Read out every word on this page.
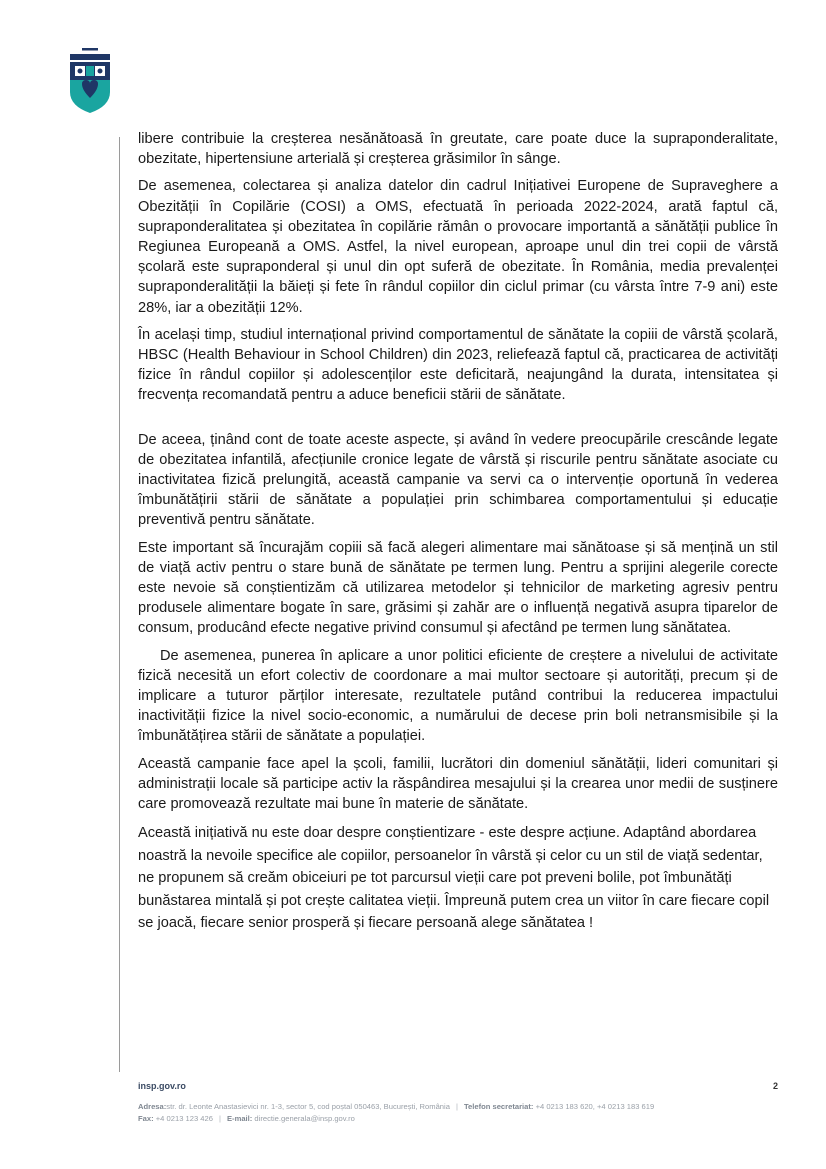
libere contribuie la creșterea nesănătoasă în greutate, care poate duce la supraponderalitate, obezitate, hipertensiune arterială și creșterea grăsimilor în sânge.

De asemenea, colectarea și analiza datelor din cadrul Inițiativei Europene de Supraveghere a Obezității în Copilărie (COSI) a OMS, efectuată în perioada 2022-2024, arată faptul că, supraponderalitatea și obezitatea în copilărie rămân o provocare importantă a sănătății publice în Regiunea Europeană a OMS. Astfel, la nivel european, aproape unul din trei copii de vârstă școlară este supraponderal și unul din opt suferă de obezitate. În România, media prevalenței supraponderalității la băieți și fete în rândul copiilor din ciclul primar (cu vârsta între 7-9 ani) este 28%, iar a obezității 12%.

În același timp, studiul internațional privind comportamentul de sănătate la copiii de vârstă școlară, HBSC (Health Behaviour in School Children) din 2023, reliefează faptul că, practicarea de activități fizice în rândul copiilor și adolescenților este deficitară, neajungând la durata, intensitatea și frecvența recomandată pentru a aduce beneficii stării de sănătate.

De aceea, ținând cont de toate aceste aspecte, și având în vedere preocupările crescânde legate de obezitatea infantilă, afecțiunile cronice legate de vârstă și riscurile pentru sănătate asociate cu inactivitatea fizică prelungită, această campanie va servi ca o intervenție oportună în vederea îmbunătățirii stării de sănătate a populației prin schimbarea comportamentului și educație preventivă pentru sănătate.

Este important să încurajăm copiii să facă alegeri alimentare mai sănătoase și să mențină un stil de viață activ pentru o stare bună de sănătate pe termen lung. Pentru a sprijini alegerile corecte este nevoie să conștientizăm că utilizarea metodelor și tehnicilor de marketing agresiv pentru produsele alimentare bogate în sare, grăsimi și zahăr are o influență negativă asupra tiparelor de consum, producând efecte negative privind consumul și afectând pe termen lung sănătatea.

De asemenea, punerea în aplicare a unor politici eficiente de creștere a nivelului de activitate fizică necesită un efort colectiv de coordonare a mai multor sectoare și autorități, precum și de implicare a tuturor părților interesate, rezultatele putând contribui la reducerea impactului inactivității fizice la nivel socio-economic, a numărului de decese prin boli netransmisibile și la îmbunătățirea stării de sănătate a populației.

Această campanie face apel la școli, familii, lucrători din domeniul sănătății, lideri comunitari și administrații locale să participe activ la răspândirea mesajului și la crearea unor medii de susținere care promovează rezultate mai bune în materie de sănătate.

Această inițiativă nu este doar despre conștientizare - este despre acțiune. Adaptând abordarea noastră la nevoile specifice ale copiilor, persoanelor în vârstă și celor cu un stil de viață sedentar, ne propunem să creăm obiceiuri pe tot parcursul vieții care pot preveni bolile, pot îmbunătăți bunăstarea mintală și pot crește calitatea vieții. Împreună putem crea un viitor în care fiecare copil se joacă, fiecare senior prosperă și fiecare persoană alege sănătatea !

insp.gov.ro	2
Adresa:str. dr. Leonte Anastasievici nr. 1-3, sector 5, cod poștal 050463, București, România | Telefon secretariat: +4 0213 183 620, +4 0213 183 619
Fax: +4 0213 123 426 | E-mail: directie.generala@insp.gov.ro
